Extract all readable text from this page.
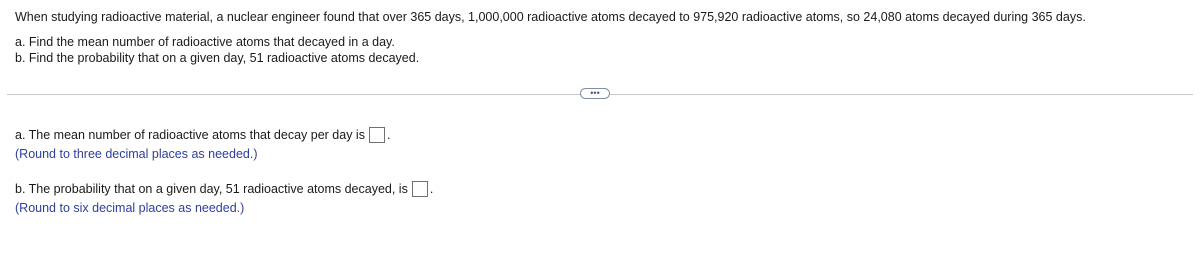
When studying radioactive material, a nuclear engineer found that over 365 days, 1,000,000 radioactive atoms decayed to 975,920 radioactive atoms, so 24,080 atoms decayed during 365 days.
a. Find the mean number of radioactive atoms that decayed in a day.
b. Find the probability that on a given day, 51 radioactive atoms decayed.
•••
a. The mean number of radioactive atoms that decay per day is .
(Round to three decimal places as needed.)
b. The probability that on a given day, 51 radioactive atoms decayed, is .
(Round to six decimal places as needed.)
